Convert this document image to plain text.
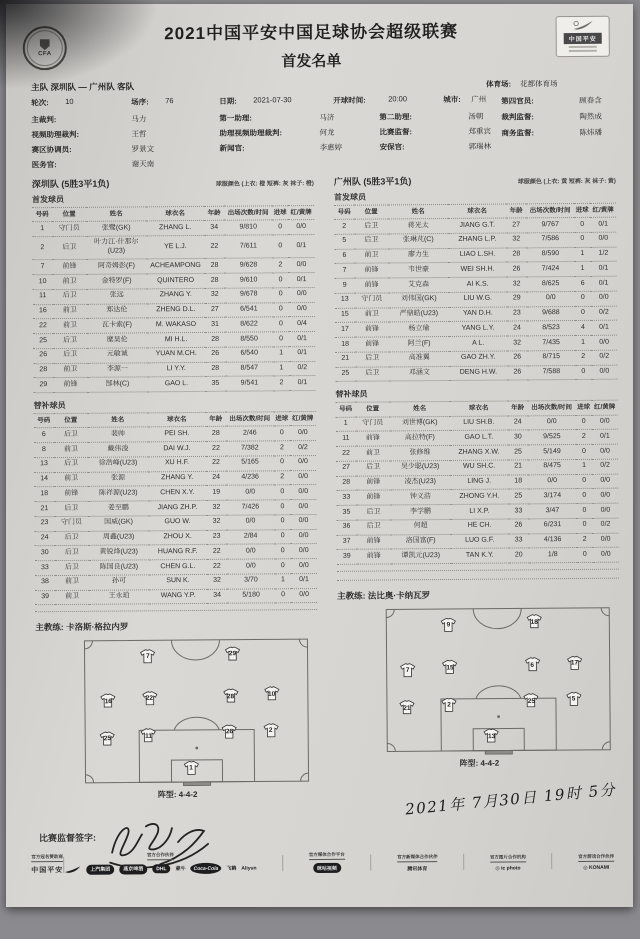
CFA
2021中国平安中国足球协会超级联赛
首发名单
中国平安
主队 深圳队 — 广州队 客队	体育场: 花都体育场
轮次: 10	场序: 76	日期: 2021-07-30	开球时间:	20:00	城市: 广州 第四官员:	顾春含
主裁判:	马力	第一助理:	马济	第二助理:	汤朝 裁判监督:	陶然成
视频助理裁判:	王哲	助理视频助理裁判:	何龙	比赛监督:	郑重宾 商务监督:	陈炜璠
赛区协调员:	罗景文	新闻官:	李惠婷	安保官:	郭瑞林
医务官:	谢天南
深圳队 (5胜3平1负)	球服颜色 (上衣: 橙 短裤: 灰 袜子: 橙)
首发球员
号码	位置	姓名	球衣名	年龄	出场次数/时间	进球	红/黄牌
1	守门员	张鹭(GK)	ZHANG L.	34	9/810	0	0/0
2	后卫	叶力江·什那尔(U23)	YE L.J.	22	7/611	0	0/1
7	前锋	阿奇姆彭(F)	ACHEAMPONG	28	9/628	2	0/0
10	前卫	金特罗(F)	QUINTERO	28	9/610	0	0/1
11	后卫	张远	ZHANG Y.	32	9/678	0	0/0
16	前卫	郑达伦	ZHENG D.L.	27	6/541	0	0/0
22	前卫	瓦卡索(F)	M. WAKASO	31	8/622	0	0/4
25	后卫	糜昊伦	MI H.L.	28	8/550	0	0/1
26	后卫	元敏诚	YUAN M.CH.	26	6/540	1	0/1
28	前卫	李源一	LI Y.Y.	28	8/547	1	0/2
29	前锋	郜林(C)	GAO L.	35	9/541	2	0/1
替补球员
号码	位置	姓名	球衣名	年龄	出场次数/时间	进球	红/黄牌
6	后卫	裴帅	PEI SH.	28	2/46	0	0/0
8	前卫	戴伟浚	DAI W.J.	22	7/382	2	0/2
13	后卫	徐浩峰(U23)	XU H.F.	22	5/165	0	0/0
14	前卫	张源	ZHANG Y.	24	4/236	2	0/0
18	前锋	陈祥源(U23)	CHEN X.Y.	19	0/0	0	0/0
21	后卫	姜至鹏	JIANG ZH.P.	32	7/426	0	0/0
23	守门员	国威(GK)	GUO W.	32	0/0	0	0/0
24	后卫	周鑫(U23)	ZHOU X.	23	2/84	0	0/0
30	后卫	黄锐烽(U23)	HUANG R.F.	22	0/0	0	0/0
33	后卫	陈国良(U23)	CHEN G.L.	22	0/0	0	0/0
38	前卫	孙可	SUN K.	32	3/70	1	0/1
39	前卫	王永珀	WANG Y.P.	34	5/180	0	0/0
主教练: 卡洛斯·格拉内罗
7	29
16	22	28	10
25	11
26	2
1
阵型: 4-4-2
比赛监督签字:
广州队 (5胜3平1负)	球服颜色 (上衣: 黄 短裤: 灰 袜子: 黄)
首发球员
号码	位置	姓名	球衣名	年龄	出场次数/时间	进球	红/黄牌
2	后卫	蒋光太	JIANG G.T.	27	9/767	0	0/1
5	后卫	张琳芃(C)	ZHANG L.P.	32	7/586	0	0/0
6	前卫	廖力生	LIAO L.SH.	28	8/590	1	1/2
7	前锋	韦世豪	WEI SH.H.	26	7/424	1	0/1
9	前锋	艾克森	AI K.S.	32	8/625	6	0/1
13	守门员	刘伟国(GK)	LIU W.G.	29	0/0	0	0/0
15	前卫	严鼎皓(U23)	YAN D.H.	23	9/688	0	0/2
17	前锋	杨立瑜	YANG L.Y.	24	8/523	4	0/1
18	前锋	阿兰(F)	A L.	32	7/435	1	0/0
21	后卫	高准翼	GAO ZH.Y.	26	8/715	2	0/2
25	后卫	邓涵文	DENG H.W.	26	7/588	0	0/0
替补球员
号码	位置	姓名	球衣名	年龄	出场次数/时间	进球	红/黄牌
1	守门员	刘世博(GK)	LIU SH.B.	24	0/0	0	0/0
11	前锋	高拉特(F)	GAO L.T.	30	9/525	2	0/1
22	前卫	张修维	ZHANG X.W.	25	5/149	0	0/0
27	后卫	吴少聪(U23)	WU SH.C.	21	8/475	1	0/2
28	前锋	凌杰(U23)	LING J.	18	0/0	0	0/0
33	前锋	钟义浩	ZHONG Y.H.	25	3/174	0	0/0
35	后卫	李学鹏	LI X.P.	33	3/47	0	0/0
36	后卫	何超	HE CH.	26	6/231	0	0/2
37	前锋	洛国富(F)	LUO G.F.	33	4/136	2	0/0
39	前锋	谭凯元(U23)	TAN K.Y.	20	1/8	0	0/0
主教练: 法比奥·卡纳瓦罗
9	18
7	15	6	17
21	2
25	5
13
阵型: 4-4-2
2021年 7月30日 19时 5分
官方冠名赞助商
中国平安
官方合作伙伴
上汽集团	燕京啤酒	DHL	蒙牛	Coca-Cola	飞鹤 Aliyun
官方媒体合作平台
咪咕视频
官方新媒体合作伙伴
腾讯体育
官方图片合作机构
◎ ic photo
官方游戏合作伙伴
◎ KONAMI
